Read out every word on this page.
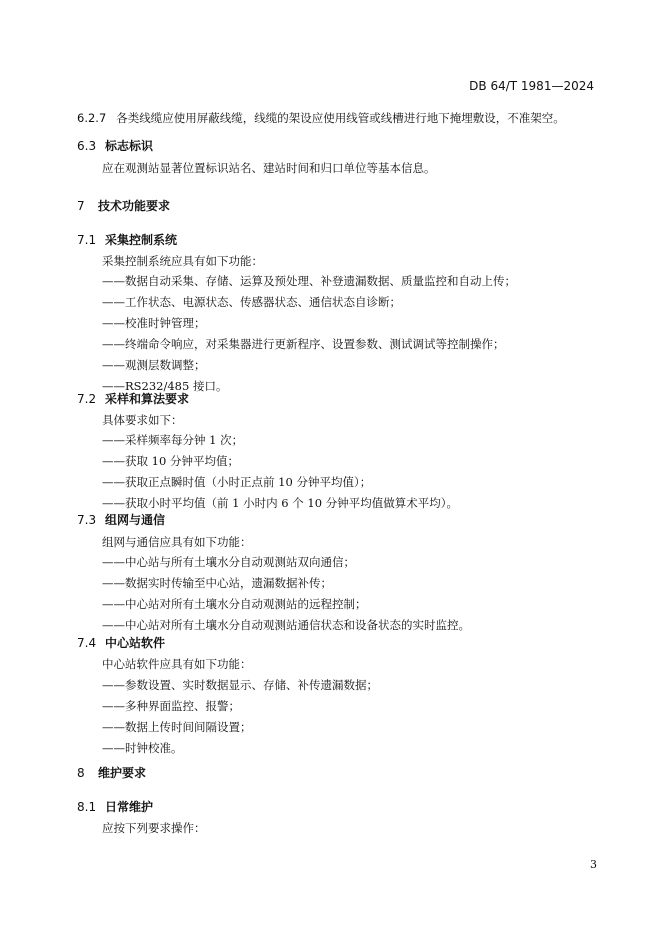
DB 64/T 1981—2024
6.2.7 各类线缆应使用屏蔽线缆，线缆的架设应使用线管或线槽进行地下掩埋敷设，不准架空。
6.3 标志标识
应在观测站显著位置标识站名、建站时间和归口单位等基本信息。
7 技术功能要求
7.1 采集控制系统
采集控制系统应具有如下功能：
——数据自动采集、存储、运算及预处理、补登遗漏数据、质量监控和自动上传；
——工作状态、电源状态、传感器状态、通信状态自诊断；
——校准时钟管理；
——终端命令响应，对采集器进行更新程序、设置参数、测试调试等控制操作；
——观测层数调整；
——RS232/485 接口。
7.2 采样和算法要求
具体要求如下：
——采样频率每分钟 1 次；
——获取 10 分钟平均值；
——获取正点瞬时值（小时正点前 10 分钟平均值）；
——获取小时平均值（前 1 小时内 6 个 10 分钟平均值做算术平均）。
7.3 组网与通信
组网与通信应具有如下功能：
——中心站与所有土壤水分自动观测站双向通信；
——数据实时传输至中心站，遗漏数据补传；
——中心站对所有土壤水分自动观测站的远程控制；
——中心站对所有土壤水分自动观测站通信状态和设备状态的实时监控。
7.4 中心站软件
中心站软件应具有如下功能：
——参数设置、实时数据显示、存储、补传遗漏数据；
——多种界面监控、报警；
——数据上传时间间隔设置；
——时钟校准。
8 维护要求
8.1 日常维护
应按下列要求操作：
3
